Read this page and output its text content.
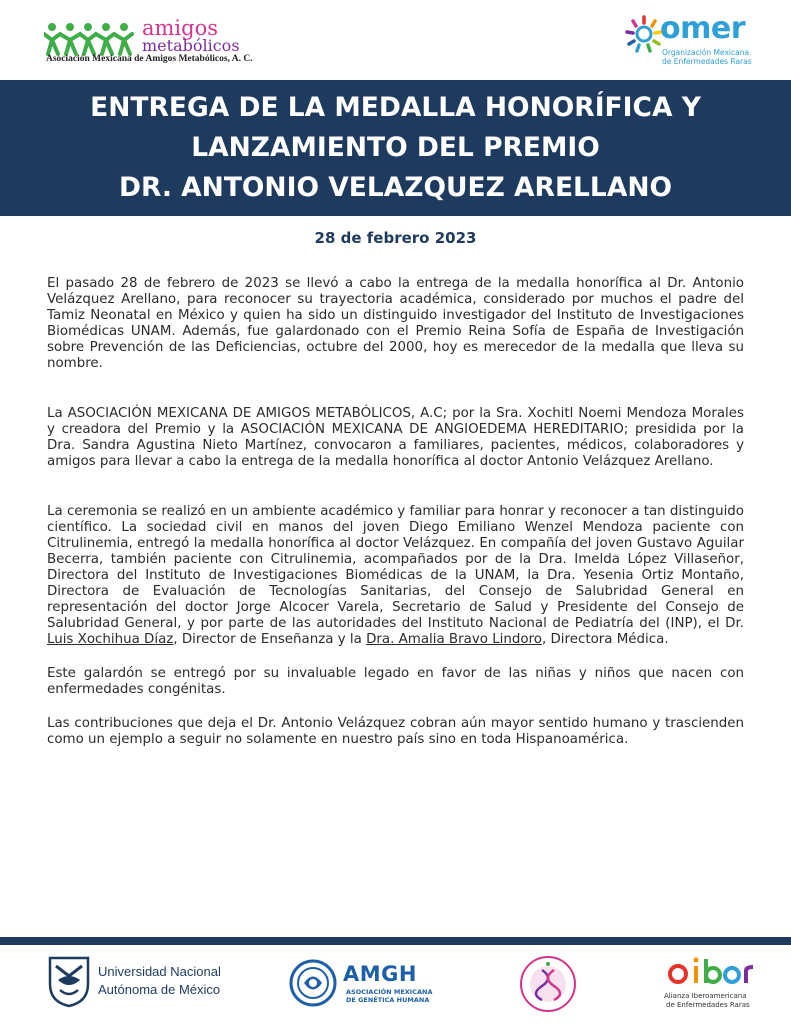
amigos
metabólicos
Asociación Mexicana de Amigos Metabólicos, A. C.
omer
Organización Mexicana
de Enfermedades Raras
ENTREGA DE LA MEDALLA HONORÍFICA Y
LANZAMIENTO DEL PREMIO
DR. ANTONIO VELAZQUEZ ARELLANO
28 de febrero 2023

El pasado 28 de febrero de 2023 se llevó a cabo la entrega de la medalla honorífica al Dr. Antonio Velázquez Arellano, para reconocer su trayectoria académica, considerado por muchos el padre del Tamiz Neonatal en México y quien ha sido un distinguido investigador del Instituto de Investigaciones Biomédicas UNAM. Además, fue galardonado con el Premio Reina Sofía de España de Investigación sobre Prevención de las Deficiencias, octubre del 2000, hoy es merecedor de la medalla que lleva su nombre.

La ASOCIACIÓN MEXICANA DE AMIGOS METABÓLICOS, A.C; por la Sra. Xochitl Noemi Mendoza Morales y creadora del Premio y la ASOCIACIÓN MEXICANA DE ANGIOEDEMA HEREDITARIO; presidida por la Dra. Sandra Agustina Nieto Martínez, convocaron a familiares, pacientes, médicos, colaboradores y amigos para llevar a cabo la entrega de la medalla honorífica al doctor Antonio Velázquez Arellano.

La ceremonia se realizó en un ambiente académico y familiar para honrar y reconocer a tan distinguido científico. La sociedad civil en manos del joven Diego Emiliano Wenzel Mendoza paciente con Citrulinemia, entregó la medalla honorífica al doctor Velázquez. En compañía del joven Gustavo Aguilar Becerra, también paciente con Citrulinemia, acompañados por de la Dra. Imelda López Villaseñor, Directora del Instituto de Investigaciones Biomédicas de la UNAM, la Dra. Yesenia Ortiz Montaño, Directora de Evaluación de Tecnologías Sanitarias, del Consejo de Salubridad General en representación del doctor Jorge Alcocer Varela, Secretario de Salud y Presidente del Consejo de Salubridad General, y por parte de las autoridades del Instituto Nacional de Pediatría del (INP), el Dr. Luis Xochihua Díaz, Director de Enseñanza y la Dra. Amalia Bravo Lindoro, Directora Médica.

Este galardón se entregó por su invaluable legado en favor de las niñas y niños que nacen con enfermedades congénitas.

Las contribuciones que deja el Dr. Antonio Velázquez cobran aún mayor sentido humano y trascienden como un ejemplo a seguir no solamente en nuestro país sino en toda Hispanoamérica.

Universidad Nacional
Autónoma de México
AMGH
ASOCIACIÓN MEXICANA
DE GENÉTICA HUMANA	Alianza Iberoamericana
de Enfermedades Raras
